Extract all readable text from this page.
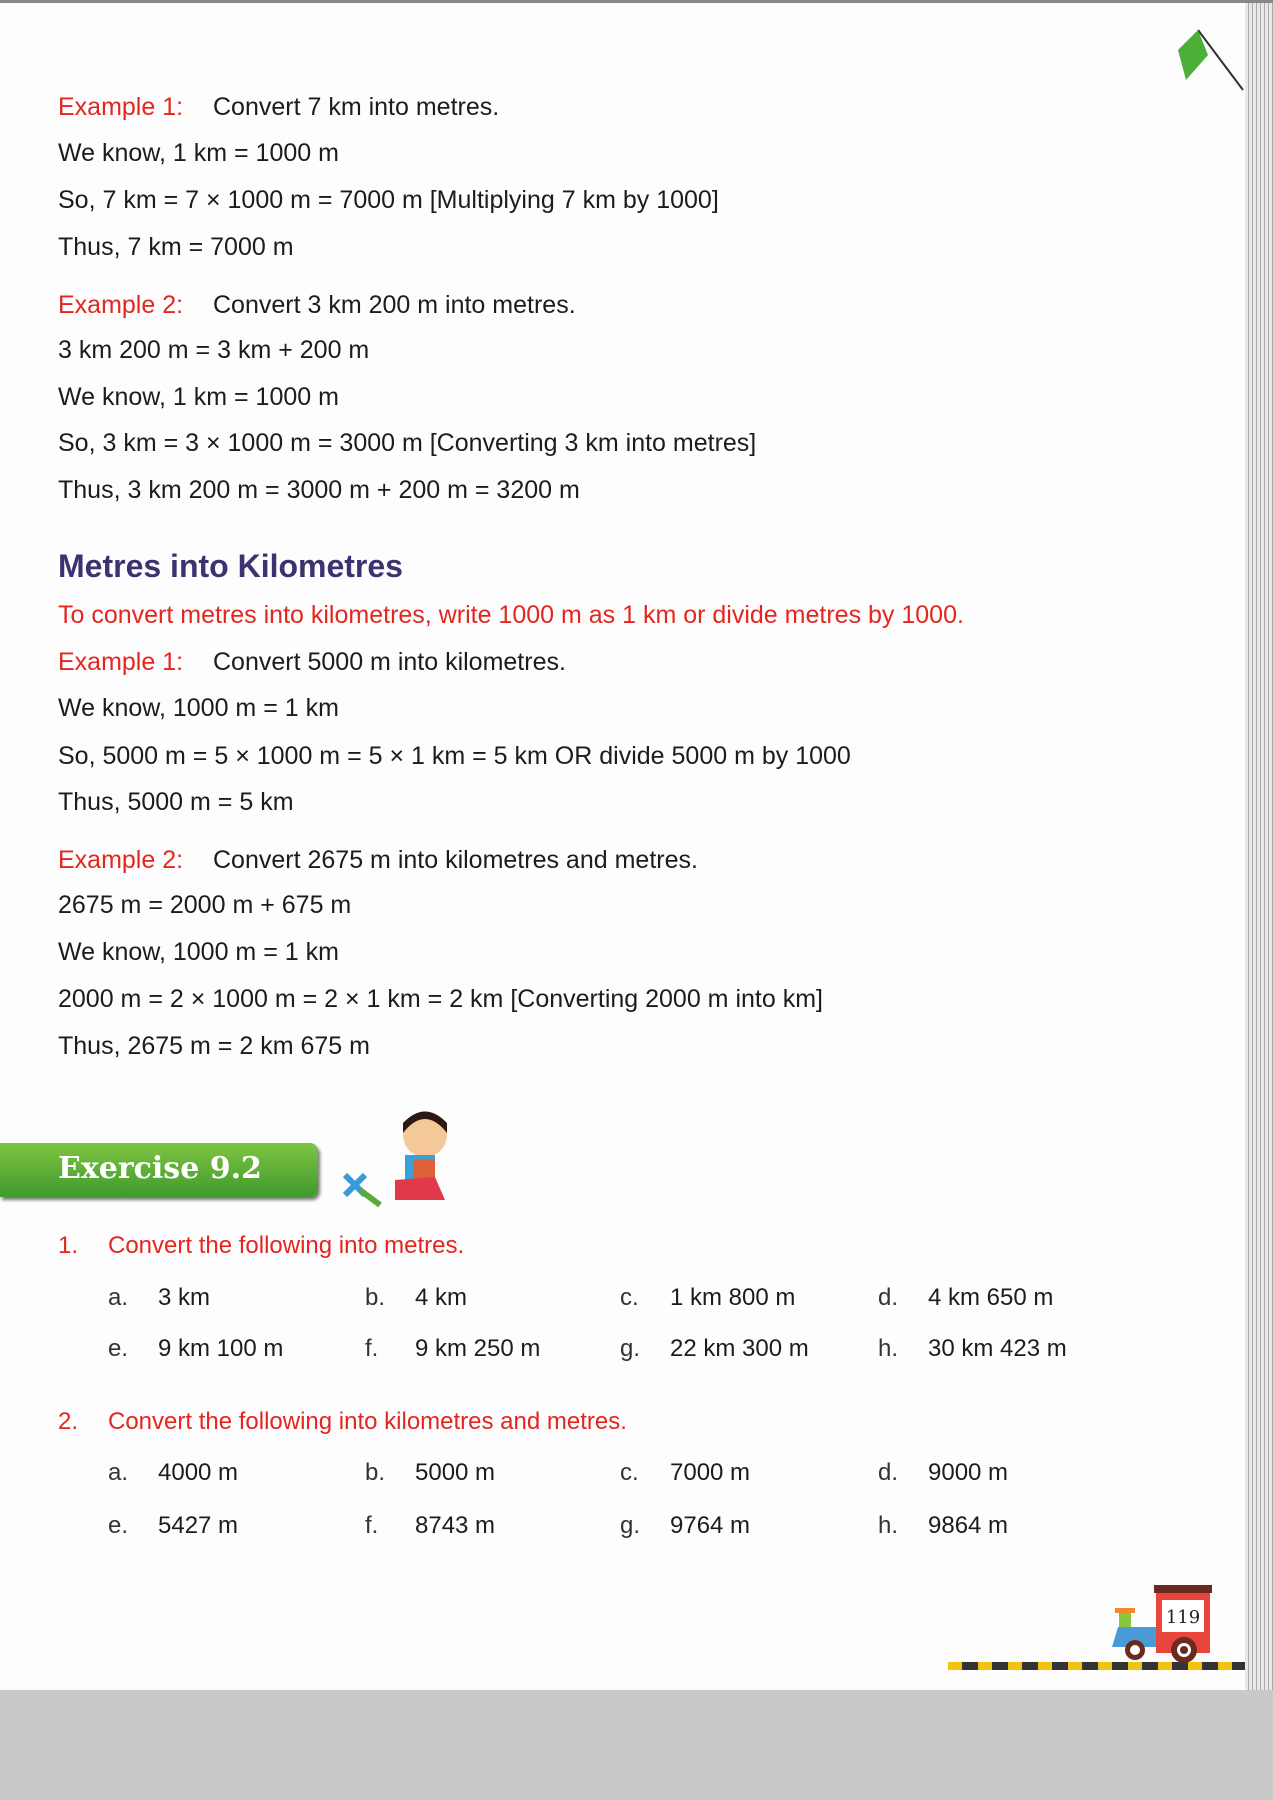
Example 1: Convert 7 km into metres.
We know, 1 km = 1000 m
So, 7 km = 7 × 1000 m = 7000 m [Multiplying 7 km by 1000]
Thus, 7 km = 7000 m
Example 2: Convert 3 km 200 m into metres.
3 km 200 m = 3 km + 200 m
We know, 1 km = 1000 m
So, 3 km = 3 × 1000 m = 3000 m [Converting 3 km into metres]
Thus, 3 km 200 m = 3000 m + 200 m = 3200 m
Metres into Kilometres
To convert metres into kilometres, write 1000 m as 1 km or divide metres by 1000.
Example 1: Convert 5000 m into kilometres.
We know, 1000 m = 1 km
So, 5000 m = 5 × 1000 m = 5 × 1 km = 5 km OR divide 5000 m by 1000
Thus, 5000 m = 5 km
Example 2: Convert 2675 m into kilometres and metres.
2675 m = 2000 m + 675 m
We know, 1000 m = 1 km
2000 m = 2 × 1000 m = 2 × 1 km = 2 km [Converting 2000 m into km]
Thus, 2675 m = 2 km 675 m
Exercise 9.2
1. Convert the following into metres.
a. 3 km	b. 4 km	c. 1 km 800 m	d. 4 km 650 m
e. 9 km 100 m	f. 9 km 250 m	g. 22 km 300 m	h. 30 km 423 m
2. Convert the following into kilometres and metres.
a. 4000 m	b. 5000 m	c. 7000 m	d. 9000 m
e. 5427 m	f. 8743 m	g. 9764 m	h. 9864 m
119
